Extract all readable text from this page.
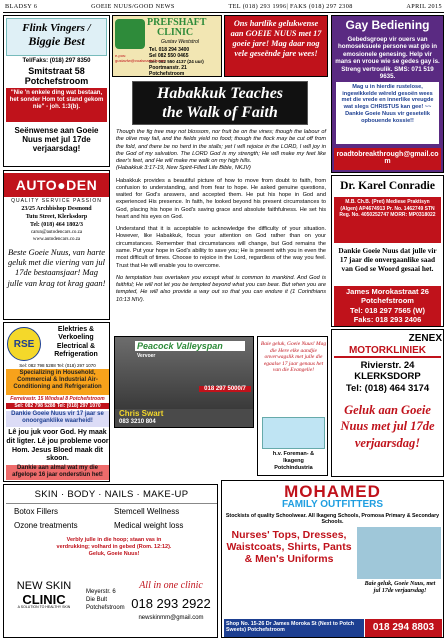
BLADSY 6	GOEIE NUUS/GOOD NEWS	TEL (018) 293 1996| FAKS (018) 297 2308	APRIL 2015
Flink Vingers /
Biggie Best
Tel/Faks: (018) 297 8350
Smitstraat 58
Potchefstroom
"Nie 'n enkele ding wat bestaan, het sonder Hom tot stand gekom nie" - joh. 1:3(b).
Seënwense aan Goeie Nuus met jul 17de verjaarsdag!
AUTO●DEN
QUALITY SERVICE PASSION
23/25 Archbishop Desmond
Tutu Street, Klerksdorp
Tel: (018) 464 1802/3
carun@autodencars.co.za
www.autodencars.co.za
Beste Goeie Nuus, van harte geluk met die viering van jul 17de bestaansjaar! Mag julle van krag tot krag gaan!
RSE
Elektries &
Verkoeling
Electrical &
Refrigeration
Sel: 082 798 5288 Tel: (018) 297 1070
Specializing in Household, Commercial & Industrial Air-Conditioning and Refrigeration
Ferreirastr. 15 Windsal 8 Potchefstroom
Sel: 082 798 5288 Tel: (018) 297 1070
Dankie Goeie Nuus vir 17 jaar se onoorganklike waarheid!
Lê jou juk voor God. Hy maak dit ligter. Lê jou probleme voor Hom. Jesus Bloed maak dit skoon.
Dankie aan almal wat my die afgelope 16 jaar onderstiun het!
PREFSHAFT
CLINIC
Gustav Weststrol
Tel. 018 294 3400
Sel 082 550 0465
Sel: 082 550 4137 (24 uur)
Poortmanstr. 21
Potchefstroom
e-pos: gustavfw@voalsnadel.co.za
Ons hartlike gelukwense aan GOEIE NUUS met 17 goeie jare! Mag daar nog vele geseënde jare wees!
Habakkuk Teaches
the Walk of Faith

Though the fig tree may not blossom, nor fruit be on the vines; though the labour of the olive may fail, and the fields yield no food; though the flock may be cut off from the fold, and there be no herd in the stalls; yet I will rejoice in the LORD, I will joy in the God of my salvation. The LORD God is my strength; He will make my feet like deer's feet, and He will make me walk on my high hills.
(Habakkuk 3:17-19, New Spirit-Filled Life Bible, NKJV)

Habakkuk provides a beautiful picture of how to move from doubt to faith, from confusion to understanding, and from fear to hope. He asked genuine questions, waited for God's answers, and accepted them. He put his hope in God and experienced His presence. In faith, he looked beyond his present circumstances to God, placing his hope in God's saving grace and absolute faithfulness. He set his heart and his eyes on God.

Understand that it is acceptable to acknowledge the difficulty of your situation. However, like Habakkuk, focus your attention on God rather than on your circumstances. Remember that circumstances will change, but God remains the same. Put your hope in God's ability to save you; He is present with you in even the most difficult of times. Choose to rejoice in the Lord, regardless of the way you feel. Trust that He will enable you to overcome.

No temptation has overtaken you except what is common to mankind. And God is faithful; He will not let you be tempted beyond what you can bear. But when you are tempted, He will also provide a way out so that you can endure it (1 Corinthians 10:13 NIV).

Peacock Valleyspan
Vervoer
018 297 5000/7
Chris Swart
083 3210 804
Baie geluk, Goeie Nuus! Mag die Here elke aandjie onverwagslik met julle die egaalse 17 jaar genaus het van die Evangelie!
h.v. Foreman- &
Ikageng
Potchindustria
Gay Bediening
Gebedsgroep vir ouers van homoseksuele persone wat glo in emosionele genesing. Help vir mans en vroue wie se gedes gay is. Streng vertroulik. SMS: 071 519 9635.
Mag u in hierdie rustelose, ingewikkelde wêreld gesoën wees met die vrede en innerlike vreugde wat slegs CHRISTUS kan gee! ~~ Dankie Goeie Nuus vir gesetelik opbouende kossie!!
roadtobreakthrough@gmail.com
Dr. Karel Conradie
M.B. Ch.B. (Pret) Mediese Praktisyn (Algen) AP4674913 Pr. No. 1462749 STN Reg. No. 4050252747 MORR: MP0318022
Dankie Goeie Nuus dat julle vir 17 jaar die onvergaanlike saad van God se Woord gesaai het.
James Morokastraat 26 Potchefstroom
Tel: 018 297 7565 (W)
Faks: 018 293 2406
ZENEX
MOTORKLINIEK
Rivierstr. 24
KLERKSDORP
Tel: (018) 464 3174
Geluk aan Goeie Nuus met jul 17de verjaarsdag!
SKIN · BODY · NAILS · MAKE-UP
Botox Fillers	Stemcell Wellness
Ozone treatments	Medical weight loss
Verbly julle in die hoop; staan vas in verdrukking; volhard in gebed (Rom. 12:12). Geluk, Goeie Nuus!
NEW SKIN
CLINIC
A SOLUTION TO HEALTHY SKIN
Meyerstr. 6
Die Bult
Potchefstroom
All in one clinic
018 293 2922
newskinmm@gmail.com
MOHAMED
FAMILY OUTFITTERS
Stockists of quality Schoolwear. All Ikageng Schools, Promosa Primary & Secondary Schools.
Nurses' Tops, Dresses, Waistcoats, Shirts, Pants & Men's Uniforms
Baie geluk, Goeie Nuus, met jul 17de verjaarsdag!
Shop No. 15-26 Dr James Moroka St (Next to Potch Sweets) Potchefstroom	018 294 8803
